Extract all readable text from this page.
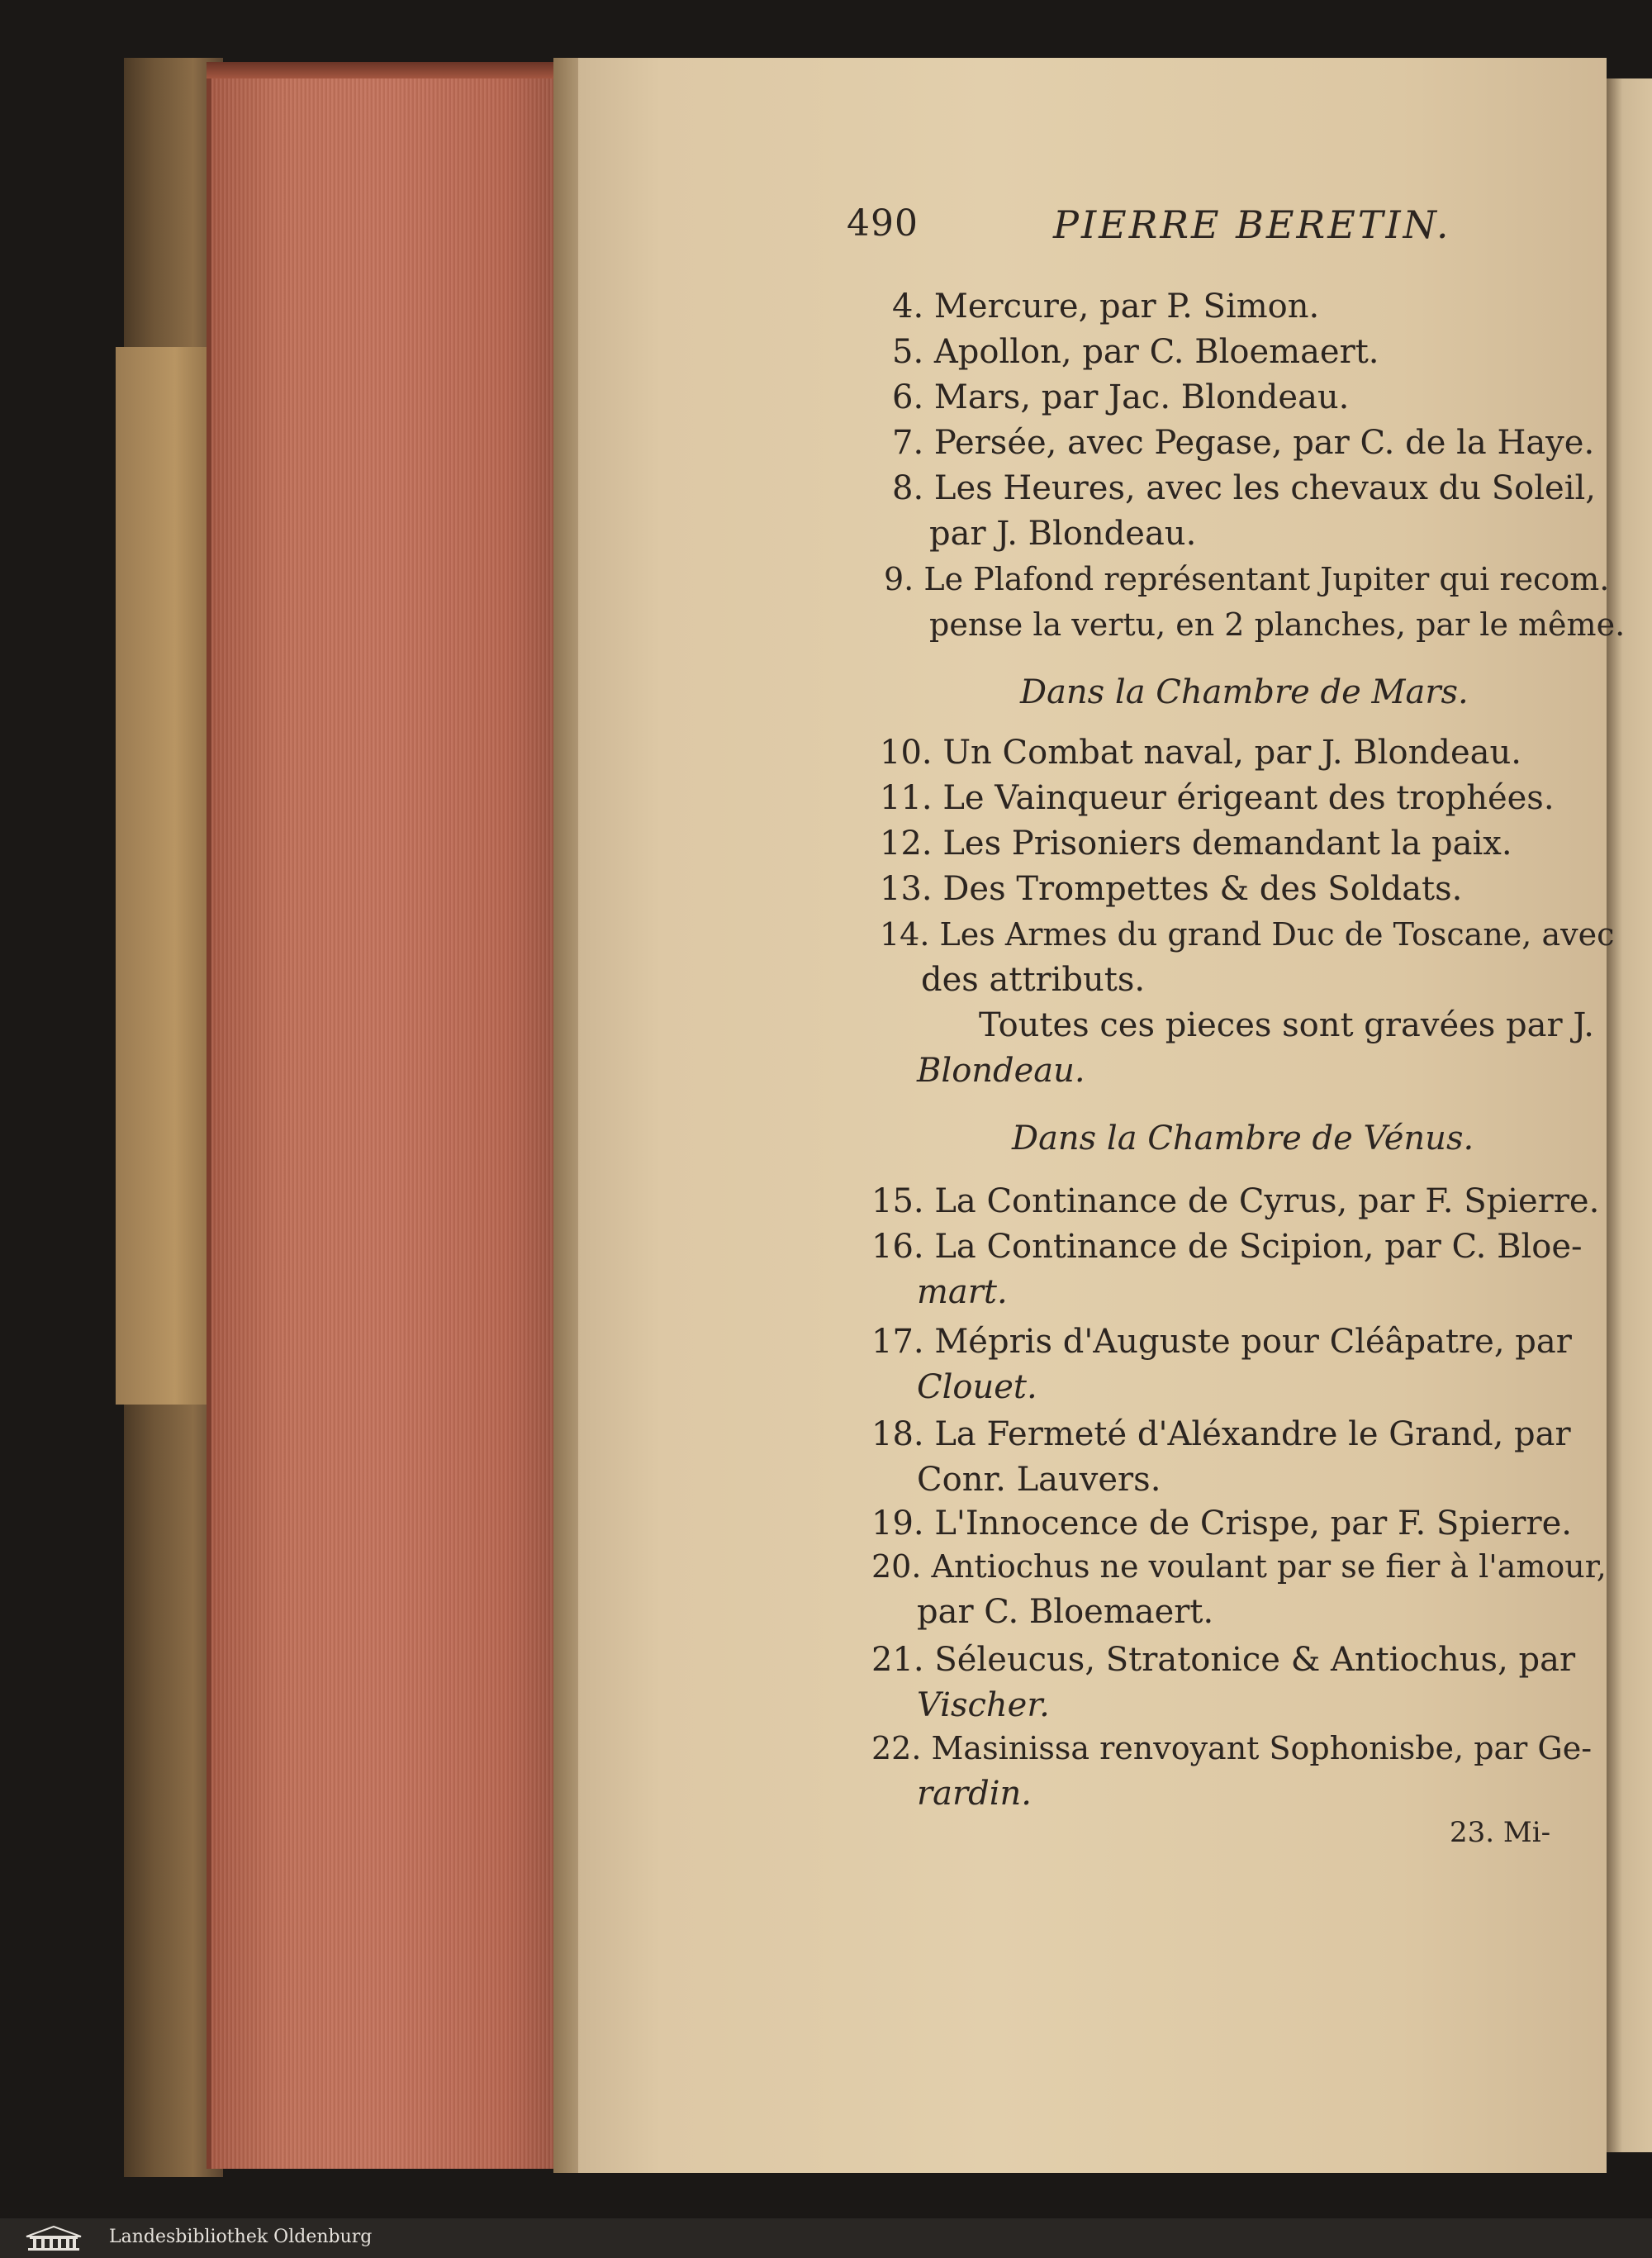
490	PIERRE BERETIN.
4. Mercure, par P. Simon.
5. Apollon, par C. Bloemaert.
6. Mars, par Jac. Blondeau.
7. Persée, avec Pegase, par C. de la Haye.
8. Les Heures, avec les chevaux du Soleil,
par J. Blondeau.
9. Le Plafond représentant Jupiter qui recom.
pense la vertu, en 2 planches, par le même.
Dans la Chambre de Mars.
10. Un Combat naval, par J. Blondeau.
11. Le Vainqueur érigeant des trophées.
12. Les Prisoniers demandant la paix.
13. Des Trompettes & des Soldats.
14. Les Armes du grand Duc de Toscane, avec
des attributs.
Toutes ces pieces sont gravées par J.
Blondeau.
Dans la Chambre de Vénus.
15. La Continance de Cyrus, par F. Spierre.
16. La Continance de Scipion, par C. Bloe-
mart.
17. Mépris d'Auguste pour Cléâpatre, par
Clouet.
18. La Fermeté d'Aléxandre le Grand, par
Conr. Lauvers.
19. L'Innocence de Crispe, par F. Spierre.
20. Antiochus ne voulant par se fier à l'amour,
par C. Bloemaert.
21. Séleucus, Stratonice & Antiochus, par
Vischer.
22. Masinissa renvoyant Sophonisbe, par Ge-
rardin.
23. Mi-
Landesbibliothek Oldenburg
